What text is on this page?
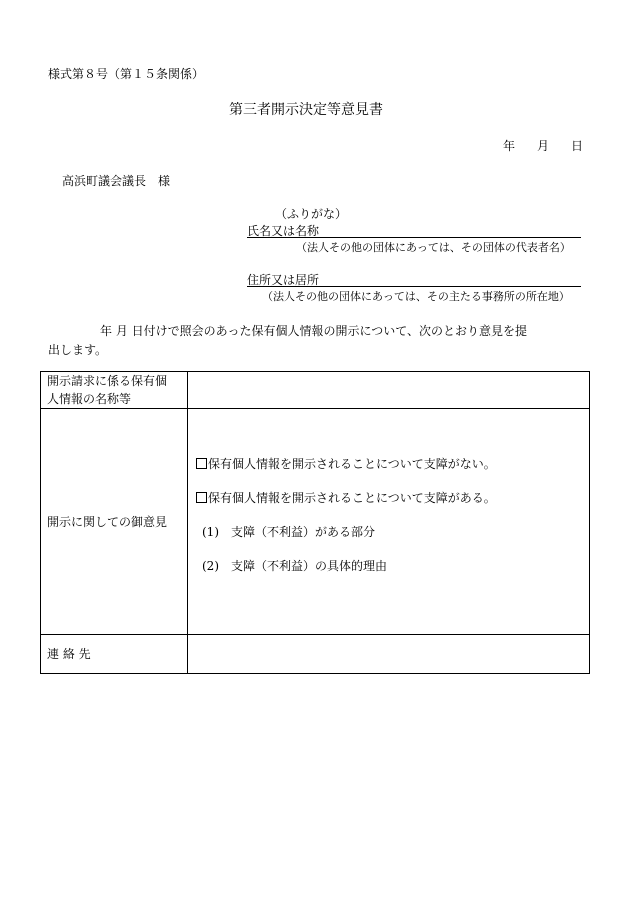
様式第８号（第１５条関係）
第三者開示決定等意見書
年 月 日
高浜町議会議長　様
（ふりがな）
氏名又は名称
（法人その他の団体にあっては、その団体の代表者名）
住所又は居所
（法人その他の団体にあっては、その主たる事務所の所在地）
年 月 日付けで照会のあった保有個人情報の開示について、次のとおり意見を提
出します。
開示請求に係る保有個
人情報の名称等	

開示に関しての御意見	保有個人情報を開示されることについて支障がない。
保有個人情報を開示されることについて支障がある。
(1)　支障（不利益）がある部分
(2)　支障（不利益）の具体的理由

連 絡 先	
